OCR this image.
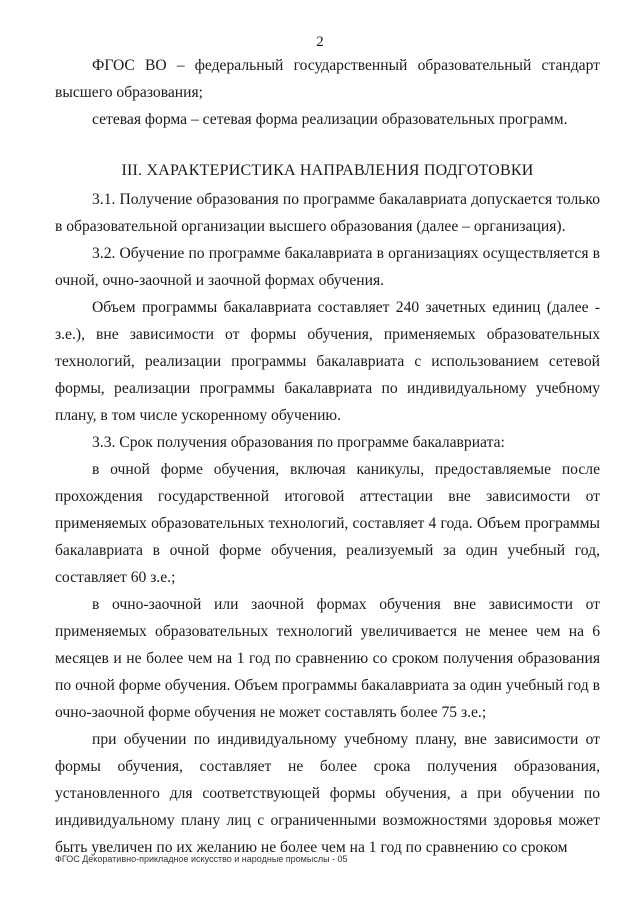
2

ФГОС ВО – федеральный государственный образовательный стандарт высшего образования;

сетевая форма – сетевая форма реализации образовательных программ.

III. ХАРАКТЕРИСТИКА НАПРАВЛЕНИЯ ПОДГОТОВКИ

3.1. Получение образования по программе бакалавриата допускается только в образовательной организации высшего образования (далее – организация).

3.2. Обучение по программе бакалавриата в организациях осуществляется в очной, очно-заочной и заочной формах обучения.

Объем программы бакалавриата составляет 240 зачетных единиц (далее - з.е.), вне зависимости от формы обучения, применяемых образовательных технологий, реализации программы бакалавриата с использованием сетевой формы, реализации программы бакалавриата по индивидуальному учебному плану, в том числе ускоренному обучению.

3.3. Срок получения образования по программе бакалавриата:

в очной форме обучения, включая каникулы, предоставляемые после прохождения государственной итоговой аттестации вне зависимости от применяемых образовательных технологий, составляет 4 года. Объем программы бакалавриата в очной форме обучения, реализуемый за один учебный год, составляет 60 з.е.;

в очно-заочной или заочной формах обучения вне зависимости от применяемых образовательных технологий увеличивается не менее чем на 6 месяцев и не более чем на 1 год по сравнению со сроком получения образования по очной форме обучения. Объем программы бакалавриата за один учебный год в очно-заочной форме обучения не может составлять более 75 з.е.;

при обучении по индивидуальному учебному плану, вне зависимости от формы обучения, составляет не более срока получения образования, установленного для соответствующей формы обучения, а при обучении по индивидуальному плану лиц с ограниченными возможностями здоровья может быть увеличен по их желанию не более чем на 1 год по сравнению со сроком

ФГОС Декоративно-прикладное искусство и народные промыслы - 05
